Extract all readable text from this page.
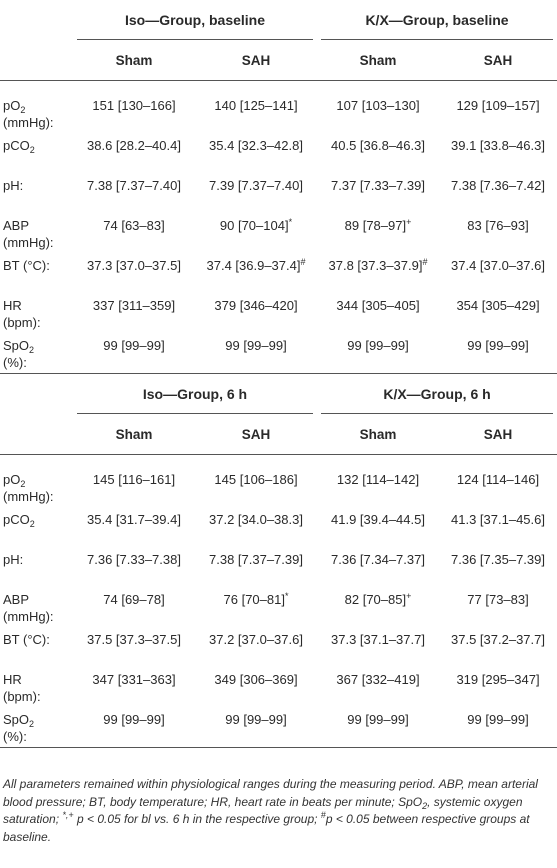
	Iso—Group, baseline		K/X—Group, baseline	

	Sham	SAH	Sham	SAH

$pO_2$
(mmHg):	151 [130–166]	140 [125–141]	107 [103–130]	129 [109–157]
pCO$_2$	38.6 [28.2–40.4]	35.4 [32.3–42.8]	40.5 [36.8–46.3]	39.1 [33.8–46.3]
pH:	7.38 [7.37–7.40]	7.39 [7.37–7.40]	7.37 [7.33–7.39]	7.38 [7.36–7.42]
ABP
(mmHg):	74 [63–83]	90 [70–104]*	89 [78–97]+	83 [76–93]
BT (°C):	37.3 [37.0–37.5]	37.4 [36.9–37.4]#	37.8 [37.3–37.9]#	37.4 [37.0–37.6]
HR
(bpm):	337 [311–359]	379 [346–420]	344 [305–405]	354 [305–429]
SpO$_2$
(%):	99 [99–99]	99 [99–99]	99 [99–99]	99 [99–99]
	Iso—Group, 6 h		K/X—Group, 6 h	

	Sham	SAH	Sham	SAH

$pO_2$
(mmHg):	145 [116–161]	145 [106–186]	132 [114–142]	124 [114–146]
pCO$_2$	35.4 [31.7–39.4]	37.2 [34.0–38.3]	41.9 [39.4–44.5]	41.3 [37.1–45.6]
pH:	7.36 [7.33–7.38]	7.38 [7.37–7.39]	7.36 [7.34–7.37]	7.36 [7.35–7.39]
ABP
(mmHg):	74 [69–78]	76 [70–81]*	82 [70–85]+	77 [73–83]
BT (°C):	37.5 [37.3–37.5]	37.2 [37.0–37.6]	37.3 [37.1–37.7]	37.5 [37.2–37.7]
HR
(bpm):	347 [331–363]	349 [306–369]	367 [332–419]	319 [295–347]
SpO$_2$
(%):	99 [99–99]	99 [99–99]	99 [99–99]	99 [99–99]
All parameters remained within physiological ranges during the measuring period. ABP, mean arterial blood pressure; BT, body temperature; HR, heart rate in beats per minute; SpO$_2$, systemic oxygen saturation; *,+ p < 0.05 for bl vs. 6 h in the respective group; #p < 0.05 between respective groups at baseline.
